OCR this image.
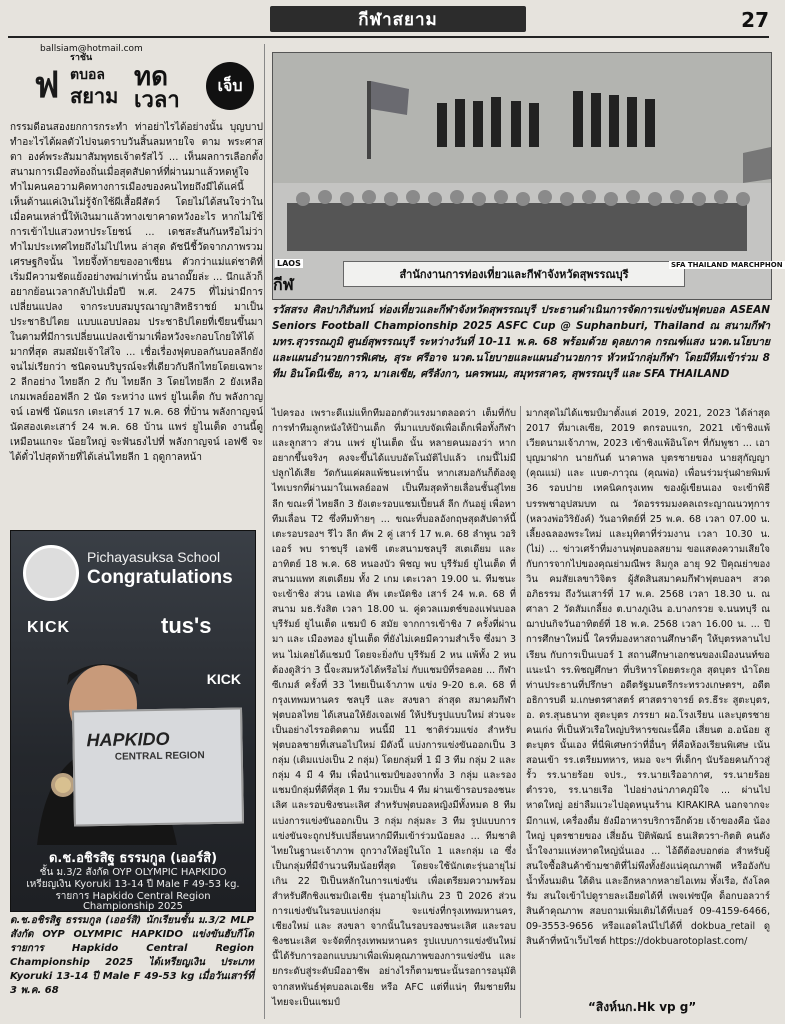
กีฬาสยาม	27
ballsiam@hotmail.com
ฟ
ราชัน
ตบอล
สยาม
ทด
เวลา
เจ็บ

กรรมดีอนสองยกการกระทำ ท่าอย่าไรได้อย่างนั้น บุญบาปทำอะไรได้ผลตัวไปจนตราบวันสิ้นลมหายใจ ตาม พระศาสตา องค์พระสัมมาสัมพุทธเจ้าตรัสไว้ ... เห็นผลการเลือกตั้งสนามการเมืองท้องถิ่นเมื่อสุดสัปดาห์ที่ผ่านมาแล้วหดหู่ใจ ทำไมคนคอวามคิดทางการเมืองของคนไทยถึงมีได้แค่นี้ เห็นด้านแค่เงินไม่รู้จักใช้ผีเสื้อผีสัตว์ โดยไม่ได้สนใจว่าในเมื่อคนเหล่านี้ให้เงินมาแล้วทางเขาคาดหวังอะไร หากไม่ใช้การเข้าไปแสวงหาประโยชน์ ... เดชสะสันกันหรือไม่ว่า ทำไมประเทศไทยถึงไม่ไปไหน ล่าสุด ดัชนีชี้วัดจากภาพรวมเศรษฐกิจนั้น ไทยจึ้งท้ายของอาเซียน ตัวกว่าแม่แต่ชาติที่เริ่มมีความชัดแย้งอย่างพม่าเท่านั้น อนาถมั๊ยล่ะ ... นึกแล้วก็อยากย้อนเวลากลับไปเมื่อปี พ.ศ. 2475 ที่ไม่น่ามีการเปลี่ยนแปลง จากระบบสมบูรณาญาสิทธิราชย์ มาเป็นประชาธิปไตย แบบแอบปลอม ประชาธิปไตยที่เขียนขึ้นมาในตามที่มีการเปลี่ยนแปลงเข้ามาเพื่อหวังจะกอบโกยให้ได้มากที่สุด สมสมัยเจ้าใส่ใจ ... เชื่อเรื่องฟุตบอลกันบอลลีกยังจนไม่เรียกว่า ชนิดจนบริบูรณ์จะที่เดียวกับลีกไทยโดยเฉพาะ 2 ลีกอย่าง ไทยลีก 2 กับ ไทยลีก 3 โดยไทยลีก 2 ยังเหลือเกมเพลย์ออฟลีก 2 นัด ระหว่าง แพร่ ยูไนเต็ด กับ พลังกาญจน์ เอฟซี นัดแรก เตะเสาร์ 17 พ.ค. 68 ที่บ้าน พลังกาญจน์ นัดสองเตะเสาร์ 24 พ.ค. 68 บ้าน แพร่ ยูไนเต็ด งานนี้ดูเหมือนแกจะ น้อยใหญ่ จะฟันธงไปที่ พลังกาญจน์ เอฟซี จะได้ตั๋วไปสุดท้ายที่ได้เล่นไทยลีก 1 ฤดูกาลหน้า

Pichayasuksa School
Congratulations
KICK	tus's
KICK
HAPKIDO
CENTRAL REGION
ด.ช.อชิรสิฐ ธรรมกูล (เออร์สิ)
ชั้น ม.3/2 สังกัด OYP OLYMPIC HAPKIDO
เหรียญเงิน Kyoruki 13-14 ปี Male F 49-53 kg.
รายการ Hapkido Central Region
Championship 2025
ด.ช.อชิรสิฐ ธรรมกูล (เออร์สิ) นักเรียนชั้น ม.3/2 MLP สังกัด OYP OLYMPIC HAPKIDO แข่งขันฮับกีโดรายการ Hapkido Central Region Championship 2025 ได้เหรียญเงิน ประเภท Kyoruki 13-14 ปี Male F 49-53 kg เมื่อวันเสาร์ที่ 3 พ.ค. 68
สำนักงานการท่องเที่ยวและกีฬาจังหวัดสุพรรณบุรี
กีฬ
LAOS	SFA THAILAND MARCHPHON
รวัสสรง ศิลปาภิสันทน์ ท่องเที่ยวและกีฬาจังหวัดสุพรรณบุรี ประธานดำเนินการจัดการแข่งขันฟุตบอล ASEAN Seniors Football Championship 2025 ASFC Cup @ Suphanburi, Thailand ณ สนามกีฬา มทร.สุวรรณภูมิ ศูนย์สุพรรณบุรี ระหว่างวันที่ 10-11 พ.ค. 68 พร้อมด้วย ดุลยภาค กรณฑ์แสง นวต.นโยบายและแผนอำนวยการพิเศษ, สุระ ศรีอาจ นวต.นโยบายและแผนอำนวยการ หัวหน้ากลุ่มกีฬา โดยมีทีมเข้าร่วม 8 ทีม อินโดนีเซีย, ลาว, มาเลเซีย, ศรีลังกา, นครพนม, สมุทรสาคร, สุพรรณบุรี และ SFA THAILAND

ไปครอง เพราะดีแม่แท็กทีมออกตัวแรงมาตลอดว่า เต็มที่กับการทำทีมลูกหนังให้ป้านเด็ก ที่มาแบบจัดเพื่อเด็กเพื่อทั้งกีฬาและลูกสาว ส่วน แพร่ ยูไนเต็ด นั้น หลายคนมองว่า หากอยากขึ้นจริงๆ คงจะขึ้นได้แบบอัตโนมัติไปแล้ว เกมนี้ไม่มีปลูกได้เสีย วัดกันแค่ผลแพ้ชนะเท่านั้น หากเสมอกันก็ต้องดูไทเบรกที่ผ่านมาในเพลย์ออฟ เป็นทีมสุดท้ายเลื่อนชั้นสู่ไทยลีก ขณะที่ ไทยลีก 3 ยังเตะรอบแชมเปี้ยนส์ ลีก กันอยู่ เพื่อหาทีมเลื่อน T2 ซึ่งทีมท้ายๆ ... ขณะที่บอลอังกฤษสุดสัปดาห์นี้ เตะรอบรองฯ รีไว ลีก คัพ 2 คู่ เสาร์ 17 พ.ค. 68 ลำพูน วอริเออร์ พบ ราชบุรี เอฟซี เตะสนามชลบุรี สเตเดียม และอาทิตย์ 18 พ.ค. 68 หนองบัว พิชญ พบ บุรีรัมย์ ยูไนเต็ด ที่สนามแพท สเตเดียม ทั้ง 2 เกม เตะเวลา 19.00 น. ทีมชนะจะเข้าชิง ส่วน เอฟเอ คัพ เตะนัดชิง เสาร์ 24 พ.ค. 68 ที่สนาม มธ.รังสิต เวลา 18.00 น. คู่ดวลแมตช์ของแฟนบอล บุรีรัมย์ ยูไนเต็ด แชมป์ 6 สมัย จากการเข้าชิง 7 ครั้งที่ผ่านมา และ เมืองทอง ยูไนเต็ด ที่ยังไม่เคยมีความสำเร็จ ซึ่งมา 3 หน ไม่เคยได้แชมป์ โดยจะยิ่งกับ บุรีรัมย์ 2 หน แพ้ทั้ง 2 หน ต้องดูสิว่า 3 นี้จะสมหวังได้หรือไม่ กับแชมป์ที่รอคอย ... กีฬาซีเกมส์ ครั้งที่ 33 ไทยเป็นเจ้าภาพ แข่ง 9-20 ธ.ค. 68 ที่กรุงเทพมหานคร ชลบุรี และ สงขลา ล่าสุด สมาคมกีฬาฟุตบอลไทย ได้เสนอให้ยังเจอเฟย์ ให้ปรับรูปแบบใหม่ ส่วนจะเป็นอย่างไรรอติดตาม หนนี้มี 11 ชาติร่วมแข่ง สำหรับฟุตบอลชายที่เสนอไปใหม่ มีดังนี้ แบ่งการแข่งขันออกเป็น 3 กลุ่ม (เดิมแบ่งเป็น 2 กลุ่ม) โดยกลุ่มที่ 1 มี 3 ทีม กลุ่ม 2 และ กลุ่ม 4 มี 4 ทีม เพื่อนำแชมป์ของจากทั้ง 3 กลุ่ม และรองแชมป์กลุ่มที่ดีที่สุด 1 ทีม รวมเป็น 4 ทีม ผ่านเข้ารอบรองชนะเลิศ และรอบชิงชนะเลิศ สำหรับฟุตบอลหญิงมีทั้งหมด 8 ทีม แบ่งการแข่งขันออกเป็น 3 กลุ่ม กลุ่มละ 3 ทีม รูปแบบการแข่งขันจะถูกปรับเปลี่ยนหากมีทีมเข้าร่วมน้อยลง ... ทีมชาติไทยในฐานะเจ้าภาพ ถูกวางให้อยู่ในโถ 1 และกลุ่ม เอ ซึ่งเป็นกลุ่มที่มีจำนวนทีมน้อยที่สุด โดยจะใช้นักเตะรุ่นอายุไม่เกิน 22 ปีเป็นหลักในการแข่งขัน เพื่อเตรียมความพร้อมสำหรับศึกชิงแชมป์เอเชีย รุ่นอายุไม่เกิน 23 ปี 2026 ส่วนการแข่งขันในรอบแบ่งกลุ่ม จะแข่งที่กรุงเทพมหานคร, เชียงใหม่ และ สงขลา จากนั้นในรอบรองชนะเลิศ และรอบชิงชนะเลิศ จะจัดที่กรุงเทพมหานคร รูปแบบการแข่งขันใหม่นี้ได้รับการออกแบบมาเพื่อเพิ่มคุณภาพของการแข่งขัน และยกระดับสู่ระดับมืออาชีพ อย่างไรก็ตามชนะนั้นรอการอนุมัติจากสหพันธ์ฟุตบอลเอเชีย หรือ AFC แต่ที่แน่ๆ ทีมชายทีมไทยจะเป็นแชมป์

มากสุดไม่ได้แชมป์มาตั้งแต่ 2019, 2021, 2023 ได้ล่าสุด 2017 ที่มาเลเซีย, 2019 ตกรอบแรก, 2021 เข้าชิงแพ้เวียดนามเจ้าภาพ, 2023 เข้าชิงแพ้อินโดฯ ที่กัมพูชา ... เอาบุญมาฝาก นายกันต์ นาคาพล บุตรชายของ นายสุกัญญา (คุณแม่) และ แบต-ภาวุณ (คุณพ่อ) เพื่อนร่วมรุ่นฝ่ายพิมพ์ 36 รอบปาย เทคนิคกรุงเทพ ของผู้เขียนเอง จะเข้าพิธีบรรพชาอุปสมบท ณ วัดอรรรมมงคลเถระญาณนวทุการ (หลวงพ่อวิริยังค์) วันอาทิตย์ที่ 25 พ.ค. 68 เวลา 07.00 น. เลี้ยงฉลองพระใหม่ และมุทิตาที่ร่วมงาน เวลา 10.30 น. (ไม่) ... ข่าวเศร้าที่มงานฟุตบอลสยาม ขอแสดงความเสียใจกับการจากไปของคุณย่ามณีพร ลิมกูล อายุ 92 ปีคุณย่าของ วิน คมสัยเลขาวิจิตร ผู้สัดสินสมาคมกีฬาฟุตบอลฯ สวดอภิธรรม ถึงวันเสาร์ที่ 17 พ.ค. 2568 เวลา 18.30 น. ณ ศาลา 2 วัดสัมเกลี้ยง ต.บางภูเงิน อ.บางกรวย จ.นนทบุรี ณ ฌาปนกิจวันอาทิตย์ที่ 18 พ.ค. 2568 เวลา 16.00 น. ... ปีการศึกษาใหม่นี้ ใครที่มองหาสถานศึกษาดีๆ ให้บุตรหลานไปเรียน กับการเป็นเบอร์ 1 สถานศึกษาเอกชนของเมืองนนท์ขอแนะนำ รร.พิชญศึกษา ที่บริหารโดยตระกูล สุดบุตร นำโดย ท่านประธานที่ปรึกษา อดีตรัฐมนตรีกระทรวงเกษตรฯ, อดีตอธิการบดี ม.เกษตรศาสตร์ ศาสตราจารย์ ดร.ธีระ สูตะบุตร, อ. ดร.สุนธนาท สูตะบุตร ภรรยา ผอ.โรงเรียน และบุตรชายคนเก่ง ที่เป็นหัวเรือใหญ่บริหารขณะนี้คือ เสี่ยนต อ.อน้อย สูตะบุตร นั้นเอง ที่นี่พิเศษกว่าที่อื่นๆ ที่คือห้องเรียนพิเศษ เน้นสอนเข้า รร.เตรียมทหาร, หมอ จะฯ ที่เด็กๆ นับร้อยคนก้าวสู่รั้ว รร.นายร้อย จปร., รร.นายเรืออากาศ, รร.นายร้อยตำรวจ, รร.นายเรือ ไปอย่างน่าภาคภูมิใจ ... ผ่านไปหาดใหญ่ อย่าลืมแวะไปอุดหนุนร้าน KIRAKIRA นอกจากจะมีกาแฟ, เครื่องดื่ม ยังมีอาหารบริการอีกด้วย เจ้าของคือ น้องใหญ่ บุตรชายของ เสี่ยอ้น ปิติพัฒน์ ธนเสิตวรา-กิตติ คนดังน้ำใจงามแห่งหาดใหญ่นั่นเอง ... ไอ้ดีต้องบอกต่อ สำหรับผู้สนใจซื้อสินค้าข้ามชาติที่ไม่พึงทั้งยังแน่คุณภาพดี หรืออังกับน้ำทั้งนมดิน ใต้ดิน และอีกหลากหลายไอเทม ทั้งเรือ, ถังโลครัม สนใจเข้าไปดูรายละเอียดได้ที่ เพจเฟซบุ๊ค ด็อกบอลวาร์สินค้าคุณภาพ สอบถามเพิ่มเติมได้ที่เบอร์ 09-4159-6466, 09-3553-9656 หรือแอดไลน์ไปได้ที่ dokbua_retail ดูสินค้าที่หน้าเว็บไซต์ https://dokbuarotoplast.com/

“สิงห์นก.Hk vp g”
